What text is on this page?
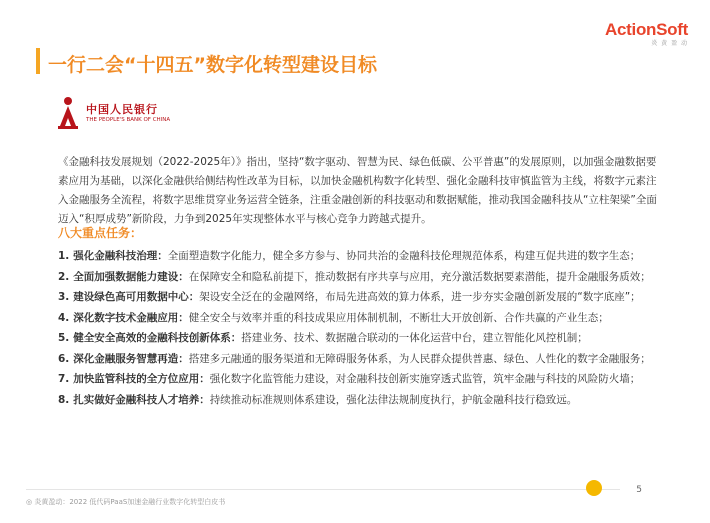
ActionSoft
炎 黄 盈 动
一行二会“十四五”数字化转型建设目标
中国人民银行
THE PEOPLE'S BANK OF CHINA
《金融科技发展规划（2022-2025年）》指出，坚持“数字驱动、智慧为民、绿色低碳、公平普惠”的发展原则，以加强金融数据要素应用为基础，以深化金融供给侧结构性改革为目标，以加快金融机构数字化转型、强化金融科技审慎监管为主线，将数字元素注入金融服务全流程，将数字思维贯穿业务运营全链条，注重金融创新的科技驱动和数据赋能，推动我国金融科技从“立柱架梁”全面迈入“积厚成势”新阶段，力争到2025年实现整体水平与核心竞争力跨越式提升。
八大重点任务：
1. 强化金融科技治理：全面塑造数字化能力，健全多方参与、协同共治的金融科技伦理规范体系，构建互促共进的数字生态；
2. 全面加强数据能力建设：在保障安全和隐私前提下，推动数据有序共享与应用，充分激活数据要素潜能，提升金融服务质效；
3. 建设绿色高可用数据中心：架设安全泛在的金融网络，布局先进高效的算力体系，进一步夯实金融创新发展的“数字底座”；
4. 深化数字技术金融应用：健全安全与效率并重的科技成果应用体制机制，不断壮大开放创新、合作共赢的产业生态；
5. 健全安全高效的金融科技创新体系：搭建业务、技术、数据融合联动的一体化运营中台，建立智能化风控机制；
6. 深化金融服务智慧再造：搭建多元融通的服务渠道和无障碍服务体系，为人民群众提供普惠、绿色、人性化的数字金融服务；
7. 加快监管科技的全方位应用：强化数字化监管能力建设，对金融科技创新实施穿透式监管，筑牢金融与科技的风险防火墙；
8. 扎实做好金融科技人才培养：持续推动标准规则体系建设，强化法律法规制度执行，护航金融科技行稳致远。
5
◎ 炎黄盈动：2022 低代码PaaS加速金融行业数字化转型白皮书
